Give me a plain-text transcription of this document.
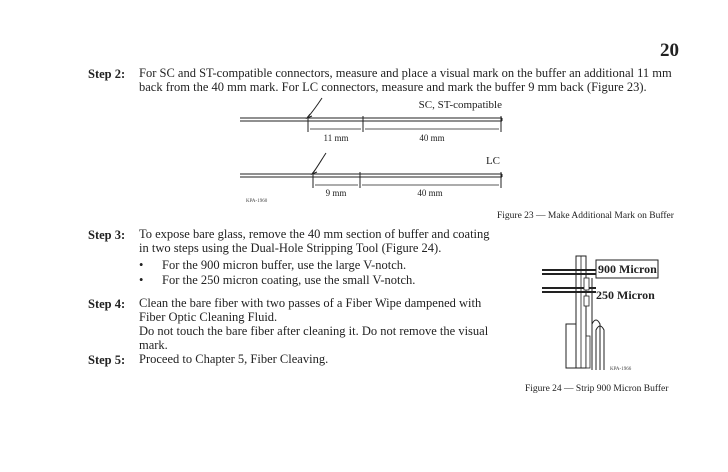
20
Step 2: For SC and ST-compatible connectors, measure and place a visual mark on the buffer an additional 11 mm
back from the 40 mm mark. For LC connectors, measure and mark the buffer 9 mm back (Figure 23).
SC, ST-compatible
11 mm	40 mm
LC
9 mm	40 mm
KPA-1960
Figure 23 — Make Additional Mark on Buffer
Step 3: To expose bare glass, remove the 40 mm section of buffer and coating
in two steps using the Dual-Hole Stripping Tool (Figure 24).
• For the 900 micron buffer, use the large V-notch.
• For the 250 micron coating, use the small V-notch.
Step 4: Clean the bare fiber with two passes of a Fiber Wipe dampened with
Fiber Optic Cleaning Fluid.
Do not touch the bare fiber after cleaning it. Do not remove the visual
mark.
Step 5: Proceed to Chapter 5, Fiber Cleaving.
900 Micron
250 Micron
KPA-1966
Figure 24 — Strip 900 Micron Buffer
